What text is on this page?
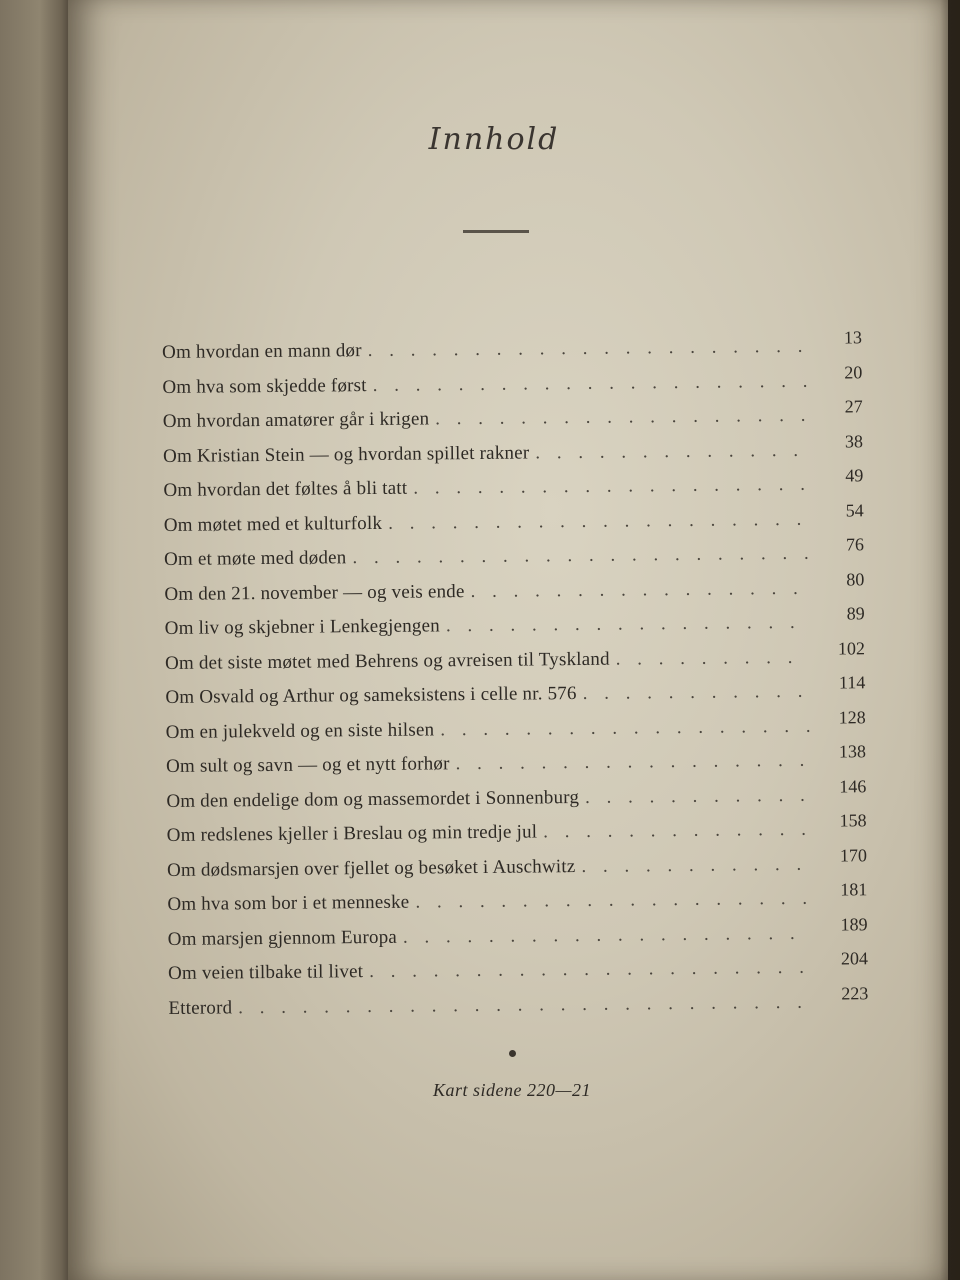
Innhold
Om hvordan en mann dør
. . .
13
Om hva som skjedde først
. . .
20
Om hvordan amatører går i krigen
. . .
27
Om Kristian Stein — og hvordan spillet rakner
. . .
38
Om hvordan det føltes å bli tatt
. . .
49
Om møtet med et kulturfolk
. . .
54
Om et møte med døden
. . .
76
Om den 21. november — og veis ende
. . .
80
Om liv og skjebner i Lenkegjengen
. . .
89
Om det siste møtet med Behrens og avreisen til Tyskland
. . .
102
Om Osvald og Arthur og sameksistens i celle nr. 576
. . .
114
Om en julekveld og en siste hilsen
. . .
128
Om sult og savn — og et nytt forhør
. . .
138
Om den endelige dom og massemordet i Sonnenburg
. . .
146
Om redslenes kjeller i Breslau og min tredje jul
. . .
158
Om dødsmarsjen over fjellet og besøket i Auschwitz
. . .
170
Om hva som bor i et menneske
. . .
181
Om marsjen gjennom Europa
. . .
189
Om veien tilbake til livet
. . .
204
Etterord
. . .
223
Kart sidene 220—21
